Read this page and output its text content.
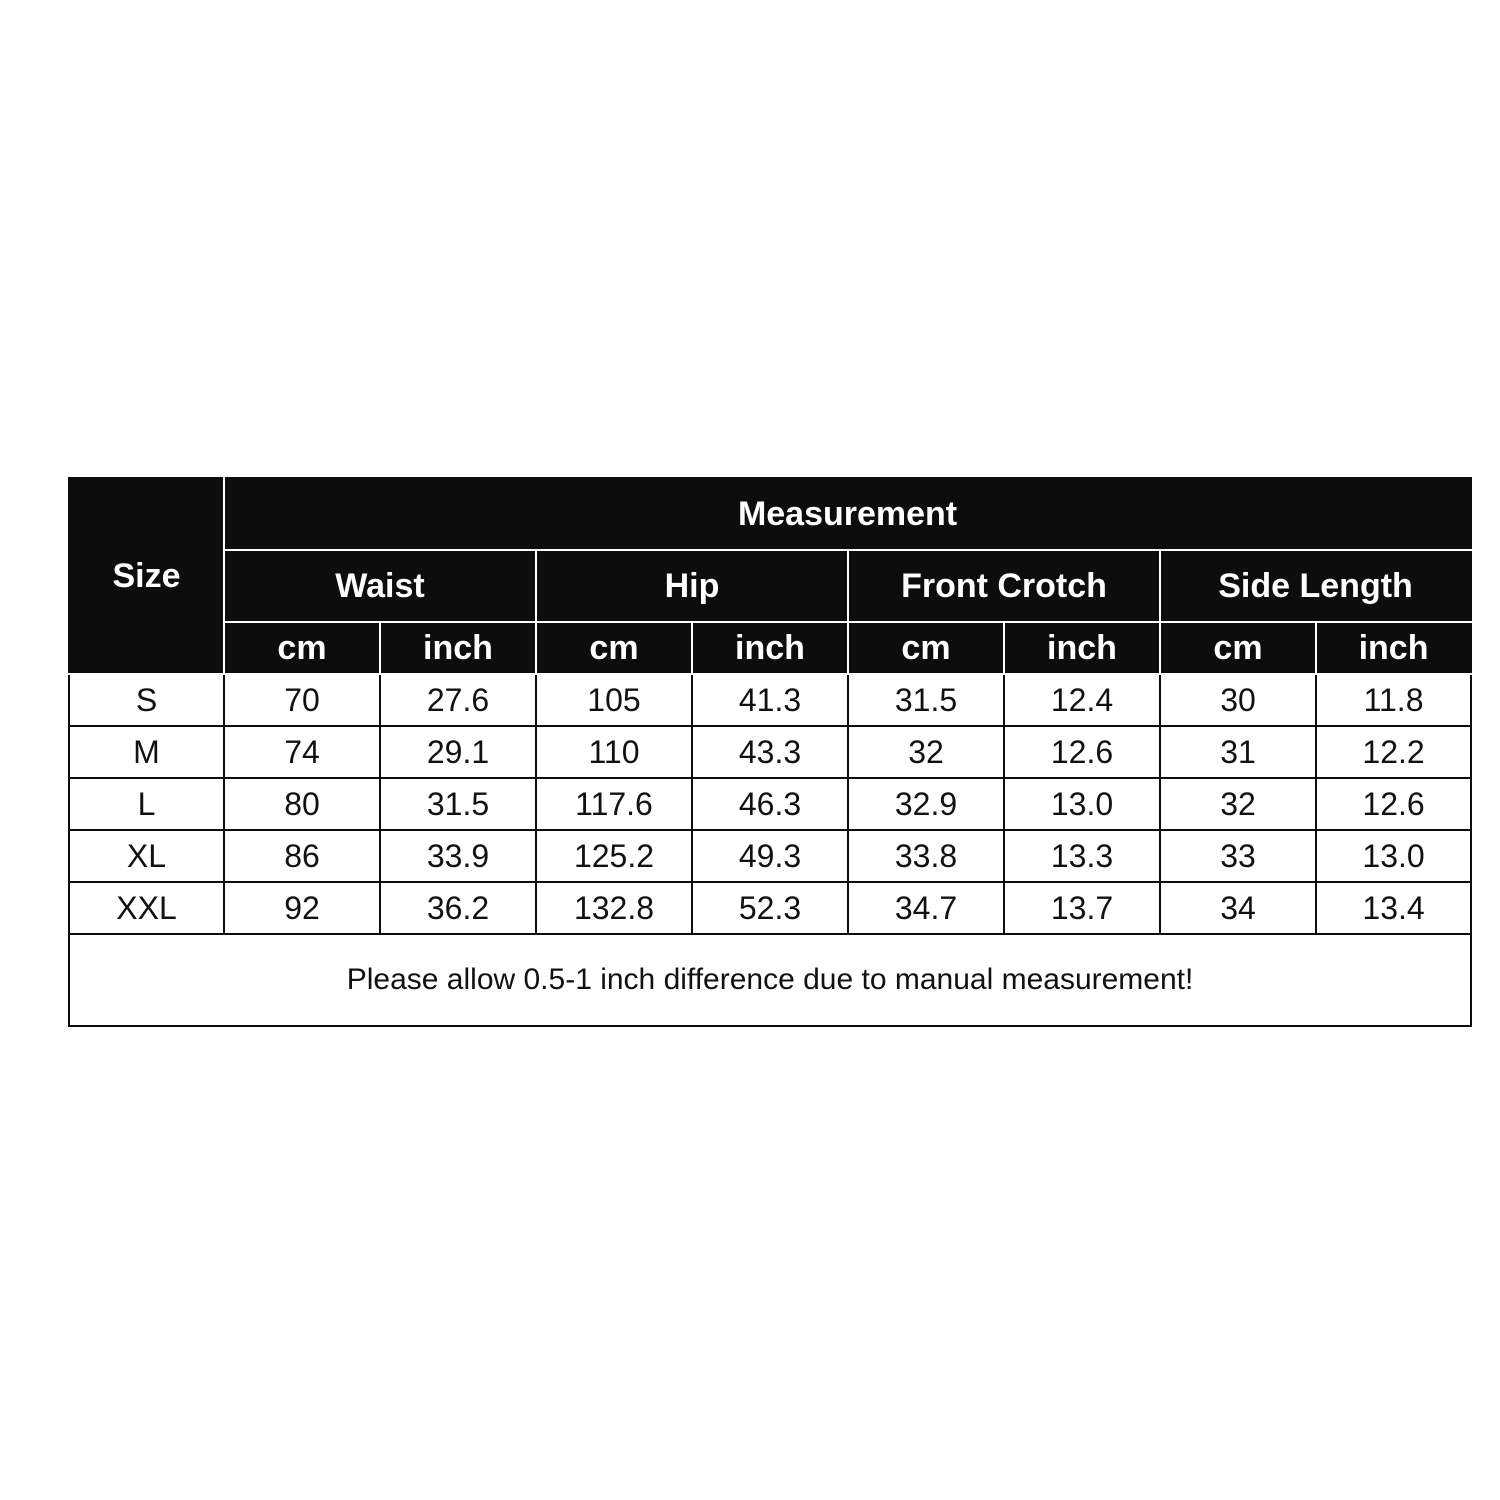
Size	Measurement							
	Waist		Hip		Front Crotch		Side Length	
	cm	inch	cm	inch	cm	inch	cm	inch
S	70	27.6	105	41.3	31.5	12.4	30	11.8
M	74	29.1	110	43.3	32	12.6	31	12.2
L	80	31.5	117.6	46.3	32.9	13.0	32	12.6
XL	86	33.9	125.2	49.3	33.8	13.3	33	13.0
XXL	92	36.2	132.8	52.3	34.7	13.7	34	13.4
Please allow 0.5-1 inch difference due to manual measurement!								
